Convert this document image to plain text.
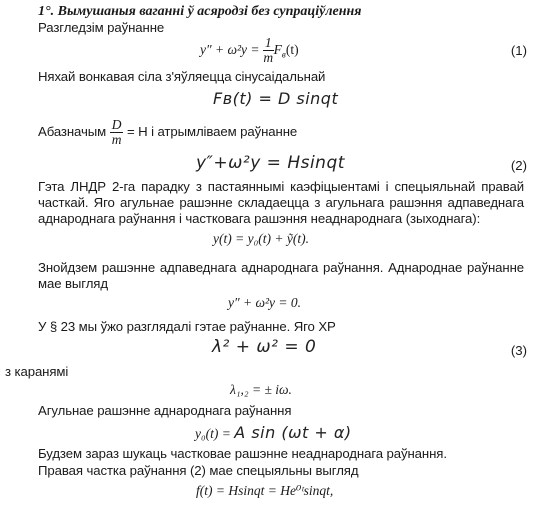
1°. Вымушаныя ваганні ў асяродзі без супраціўлення
Разгледзім раўнанне
$y'' + \omega^2y = \frac{1}{m} F_в(t)$	(1)
Няхай вонкавая сіла з'яўляецца сінусаідальнай
Fв(t) = D sinqt
Абазначым $\frac{D}{m} = H$ і атрымліваем раўнанне
y″+ω²y = Hsinqt	(2)
Гэта ЛНДР 2-га парадку з пастаяннымі каэфіцыентамі і спецыяльнай правай
часткай. Яго агульнае рашэнне складаецца з агульнага рашэння адпаведнага
аднароднага раўнання і частковага рашэння неаднароднага (зыходнага):
y(t) = y₀(t) + ỹ(t).
Знойдзем рашэнне адпаведнага аднароднага раўнання. Аднароднае раўнанне
мае выгляд
y″ + ω²y = 0.
У § 23 мы ўжо разглядалі гэтае раўнанне. Яго ХР
λ² + ω² = 0	(3)
з каранямі
λ₁,₂ = ± iω.
Агульнае рашэнне аднароднага раўнання
y₀(t) = A sin (ωt + α)
Будзем зараз шукаць частковае рашэнне неаднароднага раўнання.
Правая частка раўнання (2) мае спецыяльны выгляд
f(t) = Hsinqt = He⁰ᵗsinqt,
